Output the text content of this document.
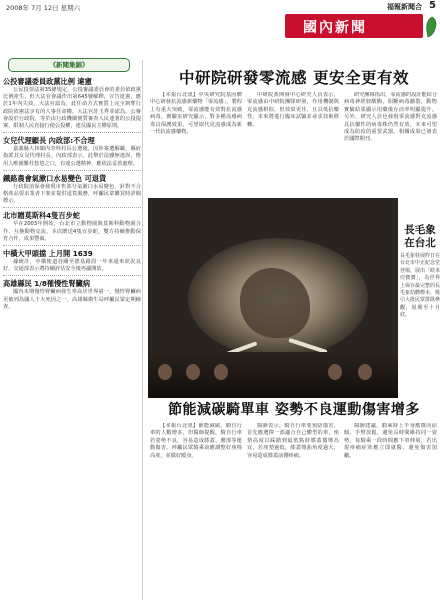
2008年 7月 12日 星期六	福報新聞合 5
國內新聞
《新聞集錦》
公投審議委員政黨比例 違憲

公民投票法第35條規定，公投審議委員會的委員依政黨比例產生，但大法官會議作出第645號解釋，宣告違憲，應於1年內失效。大法官認為，此任命方式實質上完全剝奪行政院依憲法享有的人事任命權。大法官許玉秀並認為，公審會設於行政院，等於由行政機關實質審查人民連署的公投提案，限制人民直接行使公投權，違反國民主權原則。

女兒代理顧長 內政部:不合理

嘉義縣大林鎮內李姓村長公選後，因涉案遭解職，縣府指派其女兒代理村長。內政部表示，此舉於法雖無違誤，惟用人唯親難杜悠悠之口，有違公選精神，應依法妥善處理。

鐵路農會氣漱口水易變色 可退貨

行政院消保會發現市售部分氣漱口水易變色，針對不合格產品要求業者下架並提供退貨服務，呼籲民眾購買時詳閱標示。

北市贈莫斯科4隻百步蛇

早在2003年開始，台北市立動物園與莫斯科動物園合作，互換動物交流。本次贈送4隻百步蛇，雙方持續推動保育合作，成果豐碩。

中橫大甲頭擋 上月開 1639

據統計，中橫便道谷關至德基路段一年來通車狀況良好，交通部表示將持續評估安全後再議開放。

高雄縣民 1/8罹慢性腎臟病

國內末期慢性腎臟病發生率高居世界第一，慢性腎臟病更被列為國人十大死因之一，高雄縣衛生局呼籲民眾定期檢查。

中研院研發零流感 更安全更有效

【本報台北訊】中央研究院基因體中心研發抗流感新藥物「零流感」，製程上有重大突破，零流感能有效對抗流感病毒，實驗室研究顯示，對多種流感病毒具保護效果，可望取代克流感成為新一代抗流感藥物。

中研院黃開發中心研究人員表示，零流感由中研院團隊研發，作用機制與克流感相似，但效果更佳，且具低抗藥性，未來將進行臨床試驗並尋求技術移轉。

研究團隊指出，零流感的設計能結合病毒神經胺酸酶，阻斷病毒擴散，動物實驗結果顯示用藥後存活率明顯提升。另外，研究人員也發現零流感對克流感具抗藥性的病毒株仍然有效，未來可望成為防疫的重要武器。相關成果已發表於國際期刊。

長毛象在台北
長毛象特展昨日在台北市中正紀念堂登場，展出「欧米亞寶寶」，為世界上保存最完整的長毛象幼體標本，吸引大批民眾排隊參觀，展期至十月底。
節能減碳騎單車 姿勢不良運動傷害增多

【本報台北訊】節能減碳，騎自行車的人數增多，但醫師提醒，騎自行車若姿勢不良，容易造成膝蓋、腰部等運動傷害，呼籲民眾騎乘前應調整好座椅高度，並做好暖身。

醫師表示，騎自行車要預防傷害，首先應選擇一部適合自己體型的車，座墊高度以踩踏到最低點時膝蓋微彎為宜，若座墊過低，膝蓋彎曲角度過大，容易造成膝蓋前側疼痛。

醫師建議，騎乘時上半身應微向前傾，手臂放鬆，避免長時間維持同一姿勢，每騎乘一段時間應下車伸展，若出現疼痛症狀應立即就醫，避免傷害加劇。
